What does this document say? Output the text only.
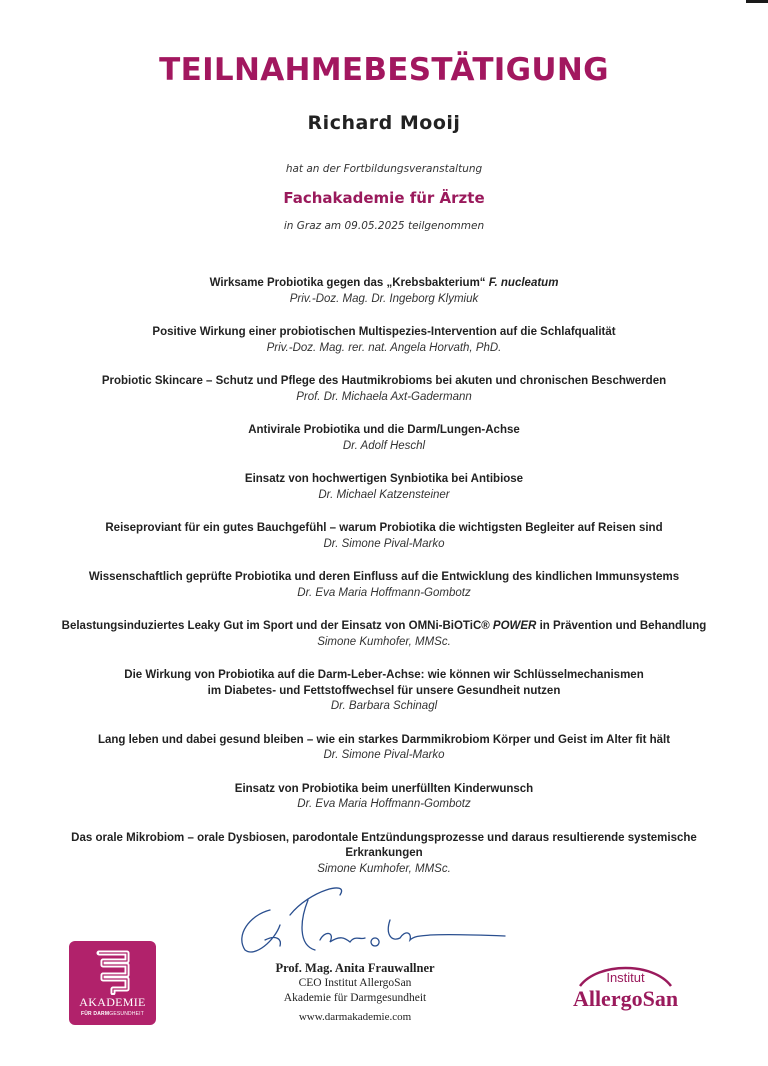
TEILNAHMEBESTÄTIGUNG
Richard Mooij
hat an der Fortbildungsveranstaltung
Fachakademie für Ärzte
in Graz am 09.05.2025 teilgenommen
Wirksame Probiotika gegen das „Krebsbakterium“ F. nucleatum
Priv.-Doz. Mag. Dr. Ingeborg Klymiuk
Positive Wirkung einer probiotischen Multispezies-Intervention auf die Schlafqualität
Priv.-Doz. Mag. rer. nat. Angela Horvath, PhD.
Probiotic Skincare – Schutz und Pflege des Hautmikrobioms bei akuten und chronischen Beschwerden
Prof. Dr. Michaela Axt-Gadermann
Antivirale Probiotika und die Darm/Lungen-Achse
Dr. Adolf Heschl
Einsatz von hochwertigen Synbiotika bei Antibiose
Dr. Michael Katzensteiner
Reiseproviant für ein gutes Bauchgefühl – warum Probiotika die wichtigsten Begleiter auf Reisen sind
Dr. Simone Pival-Marko
Wissenschaftlich geprüfte Probiotika und deren Einfluss auf die Entwicklung des kindlichen Immunsystems
Dr. Eva Maria Hoffmann-Gombotz
Belastungsinduziertes Leaky Gut im Sport und der Einsatz von OMNi-BiOTiC® POWER in Prävention und Behandlung
Simone Kumhofer, MMSc.
Die Wirkung von Probiotika auf die Darm-Leber-Achse: wie können wir Schlüsselmechanismen
im Diabetes- und Fettstoffwechsel für unsere Gesundheit nutzen
Dr. Barbara Schinagl
Lang leben und dabei gesund bleiben – wie ein starkes Darmmikrobiom Körper und Geist im Alter fit hält
Dr. Simone Pival-Marko
Einsatz von Probiotika beim unerfüllten Kinderwunsch
Dr. Eva Maria Hoffmann-Gombotz
Das orale Mikrobiom – orale Dysbiosen, parodontale Entzündungsprozesse und daraus resultierende systemische
Erkrankungen
Simone Kumhofer, MMSc.
AKADEMIE
FÜR DARMGESUNDHEIT
Prof. Mag. Anita Frauwallner
CEO Institut AllergoSan
Akademie für Darmgesundheit
www.darmakademie.com
Institut
AllergoSan
